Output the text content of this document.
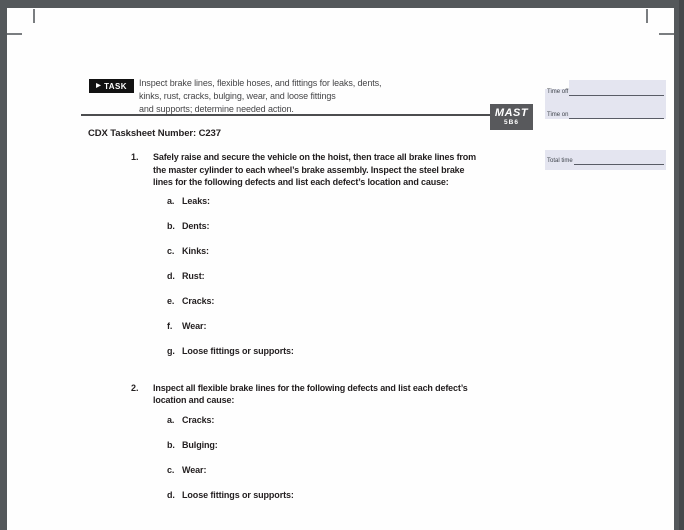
▶ TASK Inspect brake lines, flexible hoses, and fittings for leaks, dents,
kinks, rust, cracks, bulging, wear, and loose fittings
and supports; determine needed action.	MAST
5B6
CDX Tasksheet Number: C237
Time off
Time on
Total time
1.	Safely raise and secure the vehicle on the hoist, then trace all brake lines from
the master cylinder to each wheel’s brake assembly. Inspect the steel brake
lines for the following defects and list each defect’s location and cause:
a. Leaks:
b. Dents:
c. Kinks:
d. Rust:
e. Cracks:
f.	Wear:
g. Loose fittings or supports:
2.	Inspect all flexible brake lines for the following defects and list each defect’s
location and cause:
a. Cracks:
b. Bulging:
c. Wear:
d. Loose fittings or supports:
